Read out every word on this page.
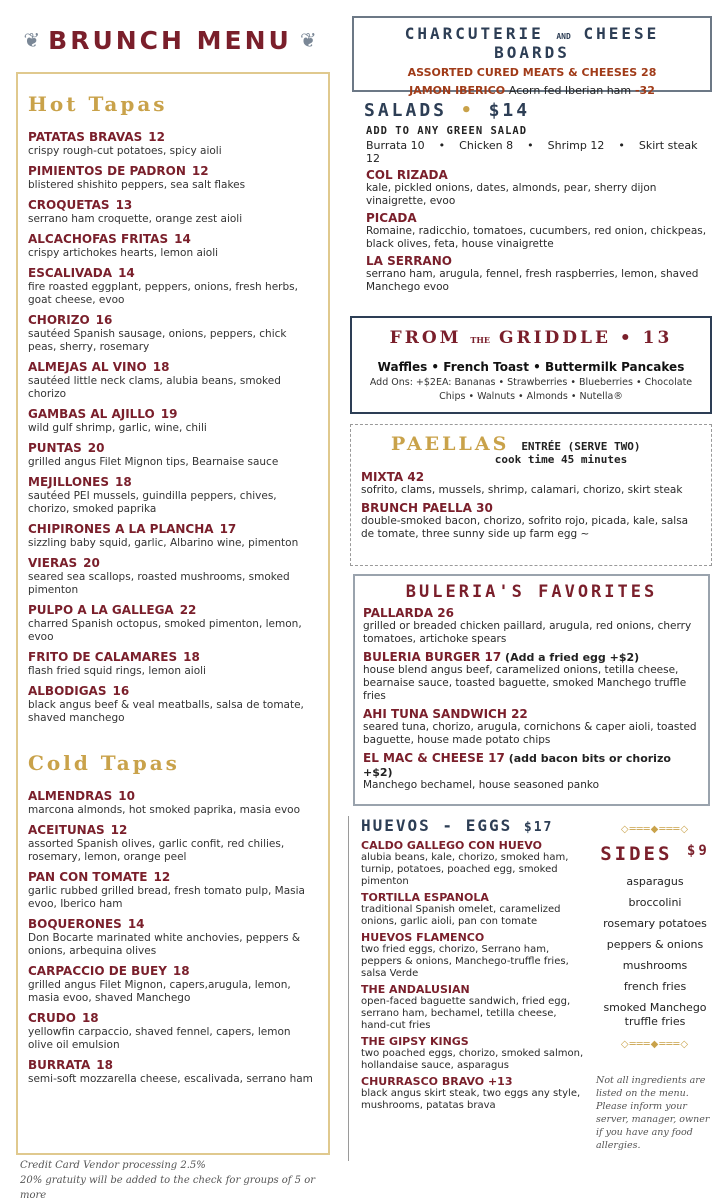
❦ BRUNCH MENU ❦
Hot Tapas
PATATAS BRAVAS 12
crispy rough-cut potatoes, spicy aioli
PIMIENTOS DE PADRON 12
blistered shishito peppers, sea salt flakes
CROQUETAS 13
serrano ham croquette, orange zest aioli
ALCACHOFAS FRITAS 14
crispy artichokes hearts, lemon aioli
ESCALIVADA 14
fire roasted eggplant, peppers, onions, fresh herbs, goat cheese, evoo
CHORIZO 16
sautéed Spanish sausage, onions, peppers, chick peas, sherry, rosemary
ALMEJAS AL VINO 18
sautéed little neck clams, alubia beans, smoked chorizo
GAMBAS AL AJILLO 19
wild gulf shrimp, garlic, wine, chili
PUNTAS 20
grilled angus Filet Mignon tips, Bearnaise sauce
MEJILLONES 18
sautéed PEI mussels, guindilla peppers, chives, chorizo, smoked paprika
CHIPIRONES A LA PLANCHA 17
sizzling baby squid, garlic, Albarino wine, pimenton
VIERAS 20
seared sea scallops, roasted mushrooms, smoked pimenton
PULPO A LA GALLEGA 22
charred Spanish octopus, smoked pimenton, lemon, evoo
FRITO DE CALAMARES 18
flash fried squid rings, lemon aioli
ALBODIGAS 16
black angus beef & veal meatballs, salsa de tomate, shaved manchego
Cold Tapas
ALMENDRAS 10
marcona almonds, hot smoked paprika, masia evoo
ACEITUNAS 12
assorted Spanish olives, garlic confit, red chilies, rosemary, lemon, orange peel
PAN CON TOMATE 12
garlic rubbed grilled bread, fresh tomato pulp, Masia evoo, Iberico ham
BOQUERONES 14
Don Bocarte marinated white anchovies, peppers & onions, arbequina olives
CARPACCIO DE BUEY 18
grilled angus Filet Mignon, capers,arugula, lemon, masia evoo, shaved Manchego
CRUDO 18
yellowfin carpaccio, shaved fennel, capers, lemon olive oil emulsion
BURRATA 18
semi-soft mozzarella cheese, escalivada, serrano ham
Credit Card Vendor processing 2.5%
20% gratuity will be added to the check for groups of 5 or more
CHARCUTERIE AND CHEESE BOARDS
ASSORTED CURED MEATS & CHEESES 28
JAMON IBERICO Acorn fed Iberian ham -32
SALADS • $14
ADD TO ANY GREEN SALAD
Burrata 10 • Chicken 8 • Shrimp 12 • Skirt steak 12
COL RIZADA
kale, pickled onions, dates, almonds, pear, sherry dijon vinaigrette, evoo
PICADA
Romaine, radicchio, tomatoes, cucumbers, red onion, chickpeas, black olives, feta, house vinaigrette
LA SERRANO
serrano ham, arugula, fennel, fresh raspberries, lemon, shaved Manchego evoo
FROM THE GRIDDLE • 13
Waffles • French Toast • Buttermilk Pancakes
Add Ons: +$2EA: Bananas • Strawberries • Blueberries • Chocolate Chips • Walnuts • Almonds • Nutella®
PAELLAS ENTRÉE (SERVE TWO)
cook time 45 minutes
MIXTA 42
sofrito, clams, mussels, shrimp, calamari, chorizo, skirt steak
BRUNCH PAELLA 30
double-smoked bacon, chorizo, sofrito rojo, picada, kale, salsa de tomate, three sunny side up farm egg ~
BULERIA'S FAVORITES
PALLARDA 26
grilled or breaded chicken paillard, arugula, red onions, cherry tomatoes, artichoke spears
BULERIA BURGER 17 (Add a fried egg +$2)
house blend angus beef, caramelized onions, tetilla cheese, bearnaise sauce, toasted baguette, smoked Manchego truffle fries
AHI TUNA SANDWICH 22
seared tuna, chorizo, arugula, cornichons & caper aioli, toasted baguette, house made potato chips
EL MAC & CHEESE 17 (add bacon bits or chorizo +$2)
Manchego bechamel, house seasoned panko
HUEVOS - EGGS $17
CALDO GALLEGO CON HUEVO
alubia beans, kale, chorizo, smoked ham, turnip, potatoes, poached egg, smoked pimenton
TORTILLA ESPANOLA
traditional Spanish omelet, caramelized onions, garlic aioli, pan con tomate
HUEVOS FLAMENCO
two fried eggs, chorizo, Serrano ham, peppers & onions, Manchego-truffle fries, salsa Verde
THE ANDALUSIAN
open-faced baguette sandwich, fried egg, serrano ham, bechamel, tetilla cheese, hand-cut fries
THE GIPSY KINGS
two poached eggs, chorizo, smoked salmon, hollandaise sauce, asparagus
CHURRASCO BRAVO +13
black angus skirt steak, two eggs any style, mushrooms, patatas brava
◇═══◆═══◇
SIDES $^{\$9}$
asparagus
broccolini
rosemary potatoes
peppers & onions
mushrooms
french fries
smoked Manchego truffle fries
◇═══◆═══◇
Not all ingredients are listed on the menu. Please inform your server, manager, owner if you have any food allergies.
